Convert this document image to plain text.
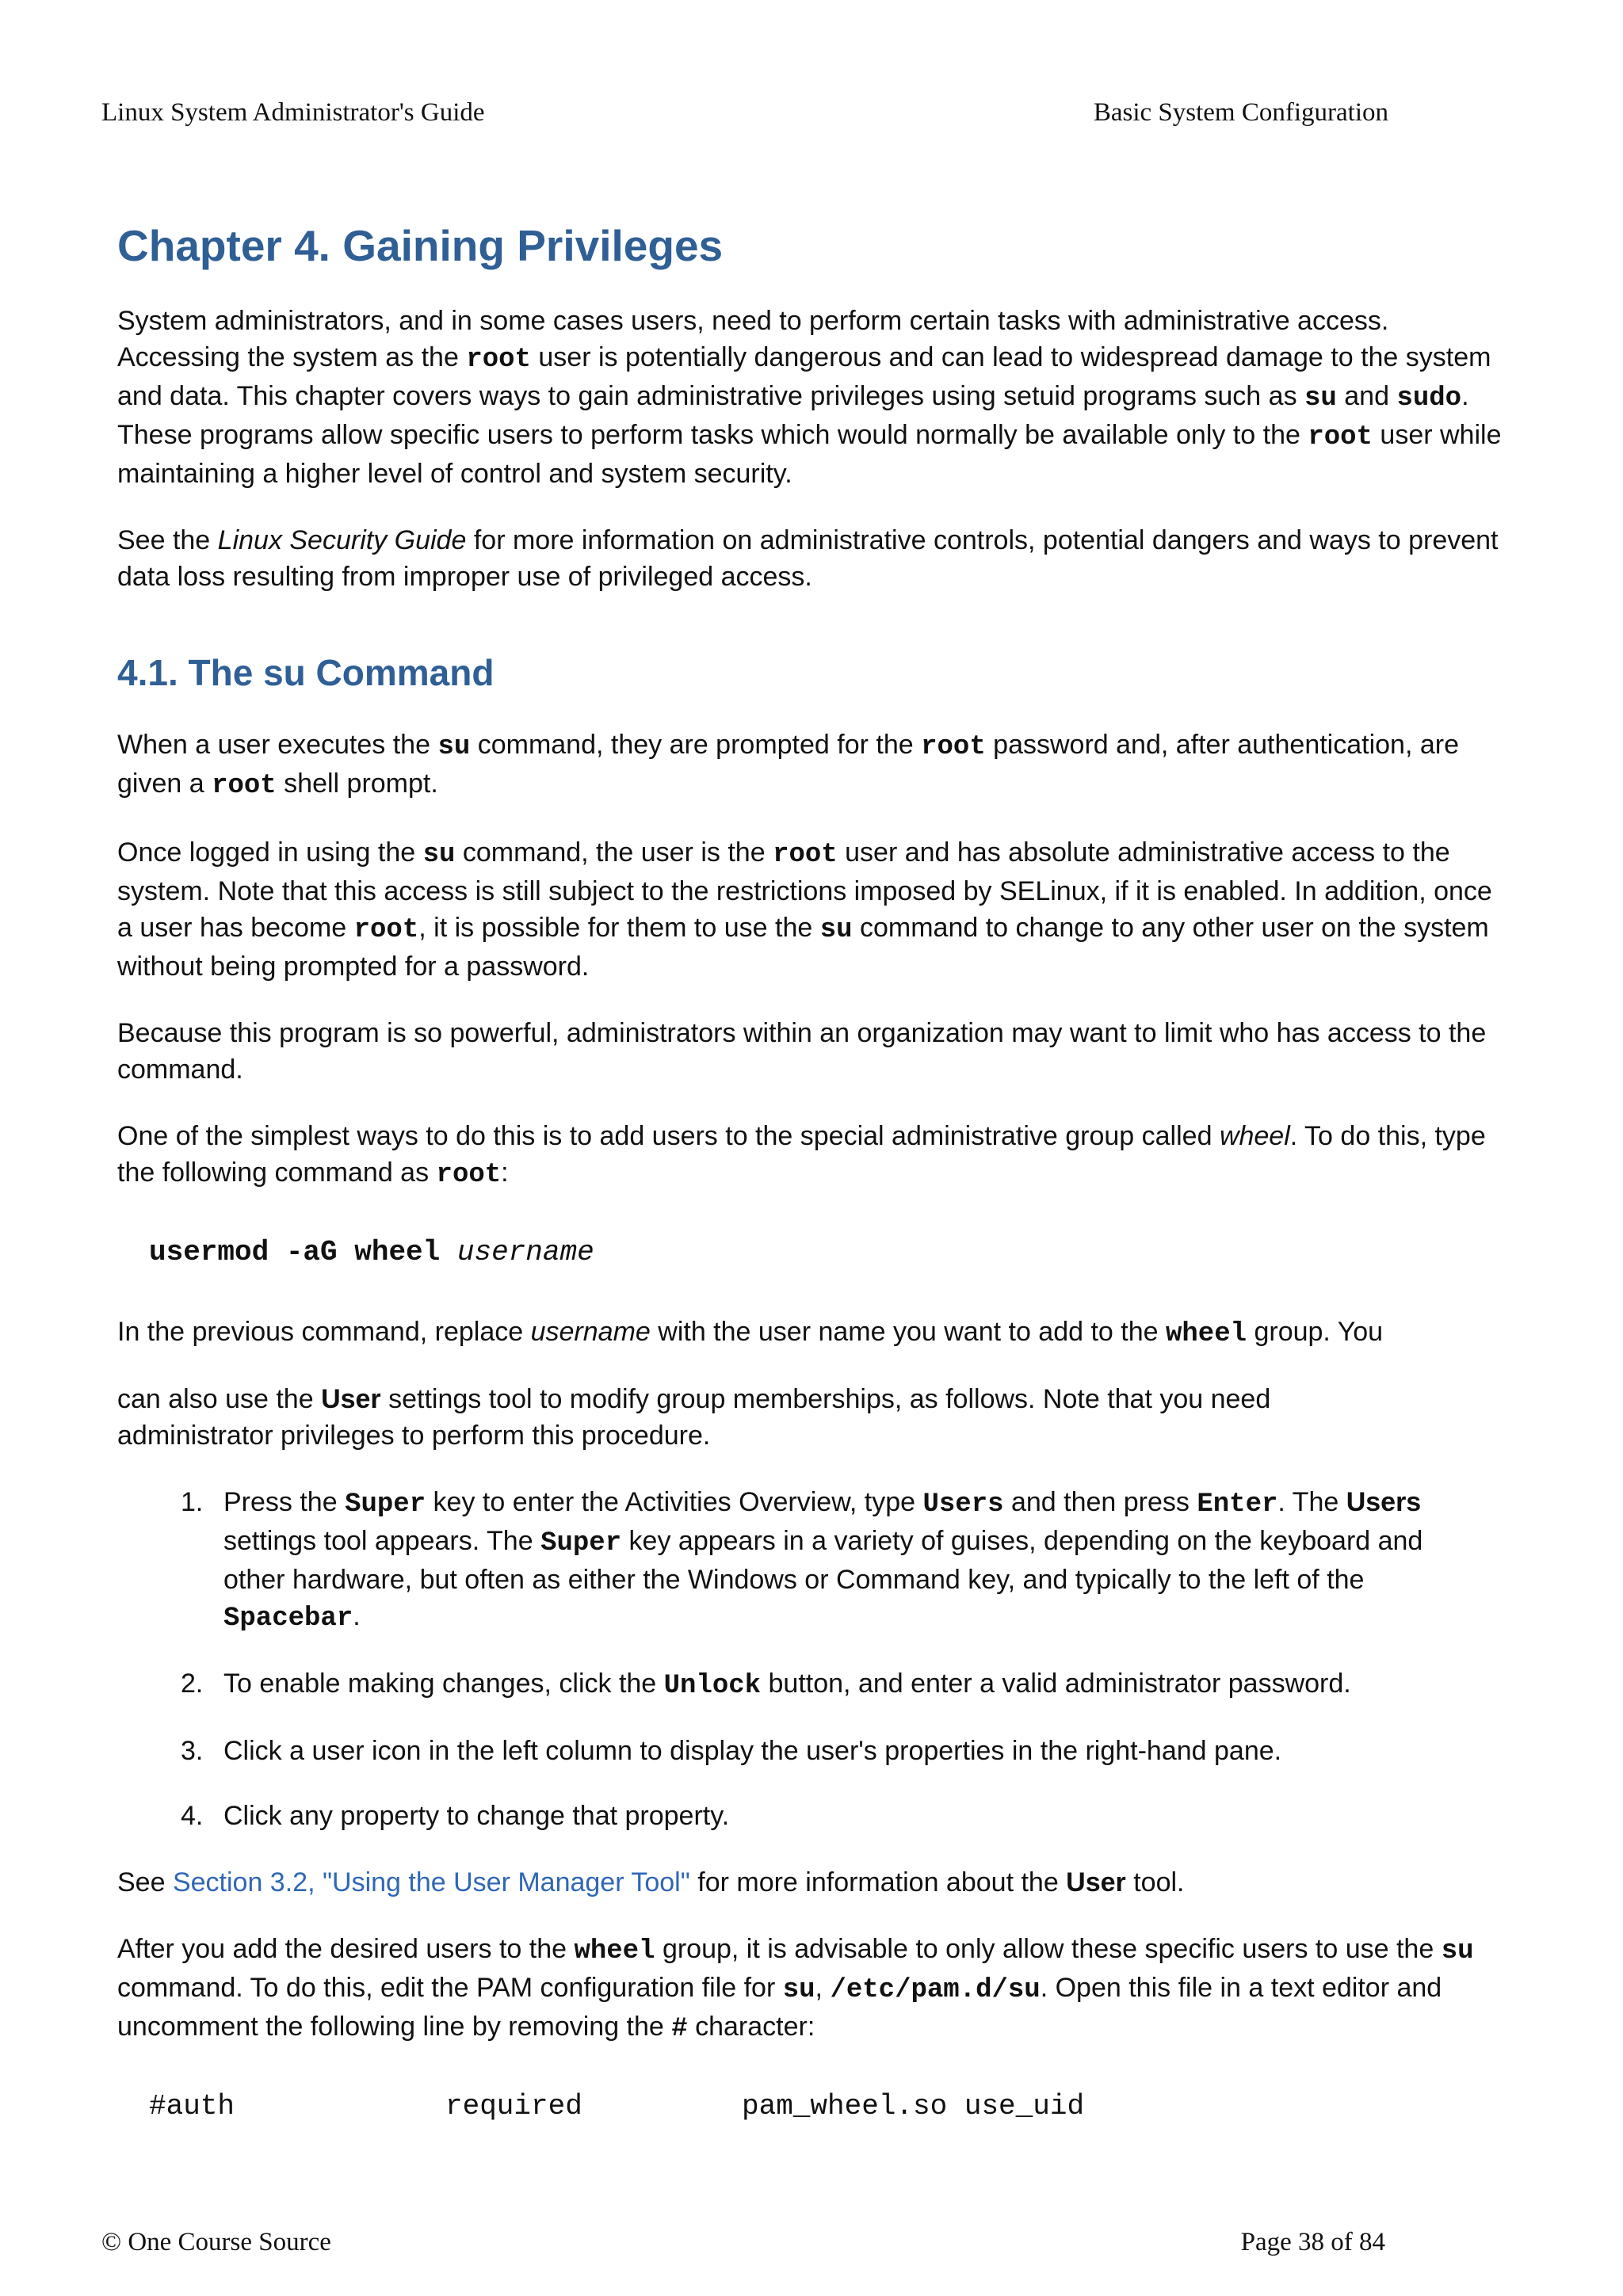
Linux System Administrator's Guide	Basic System Configuration
Chapter 4. Gaining Privileges

System administrators, and in some cases users, need to perform certain tasks with administrative access. Accessing the system as the root user is potentially dangerous and can lead to widespread damage to the system and data. This chapter covers ways to gain administrative privileges using setuid programs such as su and sudo. These programs allow specific users to perform tasks which would normally be available only to the root user while maintaining a higher level of control and system security.

See the Linux Security Guide for more information on administrative controls, potential dangers and ways to prevent data loss resulting from improper use of privileged access.

4.1. The su Command

When a user executes the su command, they are prompted for the root password and, after authentication, are given a root shell prompt.

Once logged in using the su command, the user is the root user and has absolute administrative access to the system. Note that this access is still subject to the restrictions imposed by SELinux, if it is enabled. In addition, once a user has become root, it is possible for them to use the su command to change to any other user on the system without being prompted for a password.

Because this program is so powerful, administrators within an organization may want to limit who has access to the command.

One of the simplest ways to do this is to add users to the special administrative group called wheel. To do this, type the following command as root:

usermod -aG wheel username

In the previous command, replace username with the user name you want to add to the wheel group. You

can also use the User settings tool to modify group memberships, as follows. Note that you need administrator privileges to perform this procedure.

1. Press the Super key to enter the Activities Overview, type Users and then press Enter. The Users settings tool appears. The Super key appears in a variety of guises, depending on the keyboard and other hardware, but often as either the Windows or Command key, and typically to the left of the Spacebar.
2. To enable making changes, click the Unlock button, and enter a valid administrator password.
3. Click a user icon in the left column to display the user's properties in the right-hand pane.
4. Click any property to change that property.

See Section 3.2, "Using the User Manager Tool" for more information about the User tool.

After you add the desired users to the wheel group, it is advisable to only allow these specific users to use the su command. To do this, edit the PAM configuration file for su, /etc/pam.d/su. Open this file in a text editor and uncomment the following line by removing the # character:

#auth	required	pam_wheel.so use_uid
© One Course Source	Page 38 of 84
